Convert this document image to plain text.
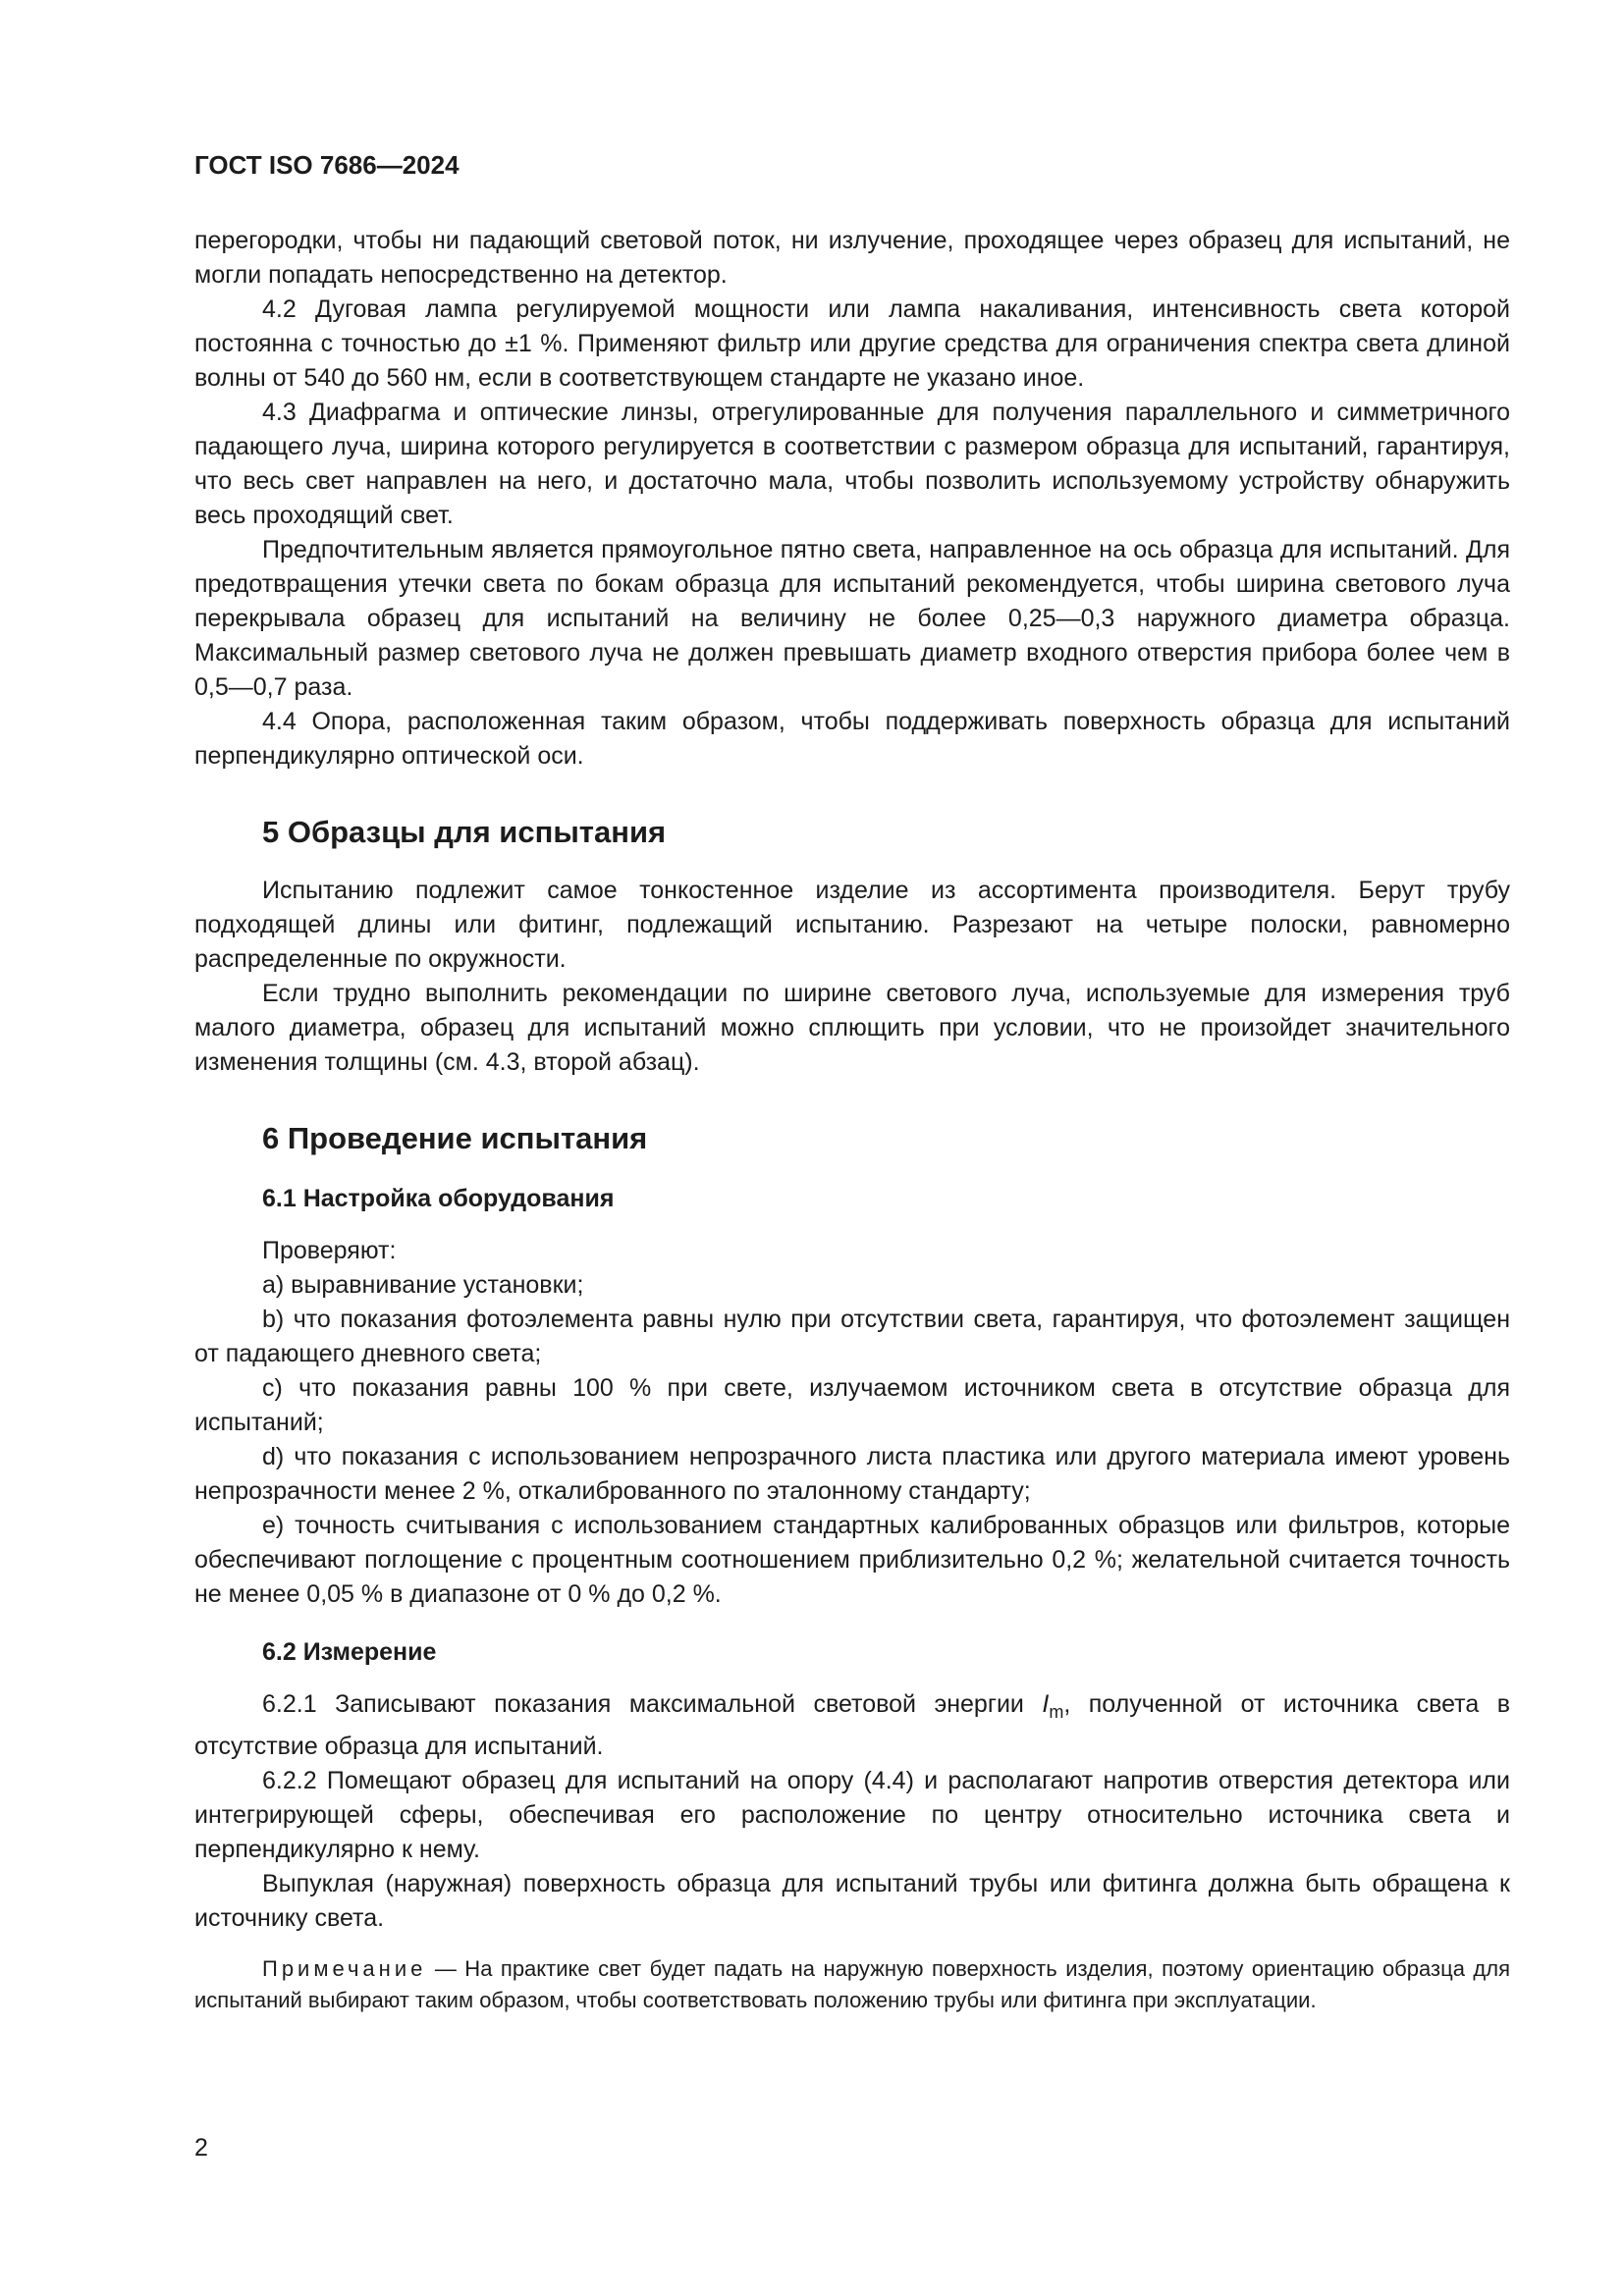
ГОСТ ISO 7686—2024

перегородки, чтобы ни падающий световой поток, ни излучение, проходящее через образец для испытаний, не могли попадать непосредственно на детектор.

4.2 Дуговая лампа регулируемой мощности или лампа накаливания, интенсивность света которой постоянна с точностью до ±1 %. Применяют фильтр или другие средства для ограничения спектра света длиной волны от 540 до 560 нм, если в соответствующем стандарте не указано иное.

4.3 Диафрагма и оптические линзы, отрегулированные для получения параллельного и симметричного падающего луча, ширина которого регулируется в соответствии с размером образца для испытаний, гарантируя, что весь свет направлен на него, и достаточно мала, чтобы позволить используемому устройству обнаружить весь проходящий свет.

Предпочтительным является прямоугольное пятно света, направленное на ось образца для испытаний. Для предотвращения утечки света по бокам образца для испытаний рекомендуется, чтобы ширина светового луча перекрывала образец для испытаний на величину не более 0,25—0,3 наружного диаметра образца. Максимальный размер светового луча не должен превышать диаметр входного отверстия прибора более чем в 0,5—0,7 раза.

4.4 Опора, расположенная таким образом, чтобы поддерживать поверхность образца для испытаний перпендикулярно оптической оси.

5 Образцы для испытания

Испытанию подлежит самое тонкостенное изделие из ассортимента производителя. Берут трубу подходящей длины или фитинг, подлежащий испытанию. Разрезают на четыре полоски, равномерно распределенные по окружности.

Если трудно выполнить рекомендации по ширине светового луча, используемые для измерения труб малого диаметра, образец для испытаний можно сплющить при условии, что не произойдет значительного изменения толщины (см. 4.3, второй абзац).

6 Проведение испытания
6.1 Настройка оборудования

Проверяют:

a) выравнивание установки;

b) что показания фотоэлемента равны нулю при отсутствии света, гарантируя, что фотоэлемент защищен от падающего дневного света;

c) что показания равны 100 % при свете, излучаемом источником света в отсутствие образца для испытаний;

d) что показания с использованием непрозрачного листа пластика или другого материала имеют уровень непрозрачности менее 2 %, откалиброванного по эталонному стандарту;

e) точность считывания с использованием стандартных калиброванных образцов или фильтров, которые обеспечивают поглощение с процентным соотношением приблизительно 0,2 %; желательной считается точность не менее 0,05 % в диапазоне от 0 % до 0,2 %.

6.2 Измерение

6.2.1 Записывают показания максимальной световой энергии $I_m$, полученной от источника света в отсутствие образца для испытаний.

6.2.2 Помещают образец для испытаний на опору (4.4) и располагают напротив отверстия детектора или интегрирующей сферы, обеспечивая его расположение по центру относительно источника света и перпендикулярно к нему.

Выпуклая (наружная) поверхность образца для испытаний трубы или фитинга должна быть обращена к источнику света.

Примечание — На практике свет будет падать на наружную поверхность изделия, поэтому ориентацию образца для испытаний выбирают таким образом, чтобы соответствовать положению трубы или фитинга при эксплуатации.

2
